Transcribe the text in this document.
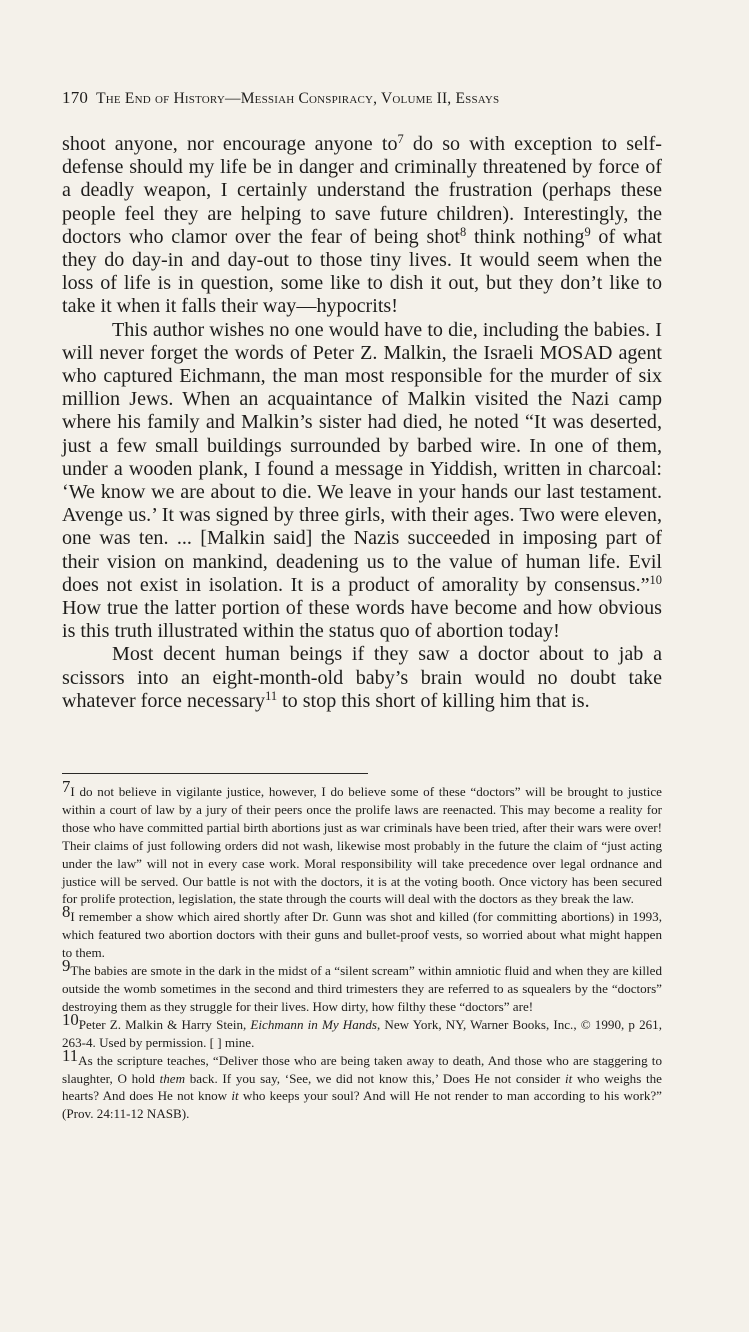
170 The End of History—Messiah Conspiracy, Volume II, Essays

shoot anyone, nor encourage anyone $to^7$ do so with exception to self-defense should my life be in danger and criminally threatened by force of a deadly weapon, I certainly understand the frustration (perhaps these people feel they are helping to save future children). Interestingly, the doctors who clamor over the fear of being shot$^8$ think nothing$^9$ of what they do day-in and day-out to those tiny lives. It would seem when the loss of life is in question, some like to dish it out, but they don’t like to take it when it falls their way—hypocrits!

This author wishes no one would have to die, including the babies. I will never forget the words of Peter Z. Malkin, the Israeli MOSAD agent who captured Eichmann, the man most responsible for the murder of six million Jews. When an acquaintance of Malkin visited the Nazi camp where his family and Malkin’s sister had died, he noted “It was deserted, just a few small buildings surrounded by barbed wire. In one of them, under a wooden plank, I found a message in Yiddish, written in charcoal: ‘We know we are about to die. We leave in your hands our last testament. Avenge us.’ It was signed by three girls, with their ages. Two were eleven, one was ten. ... [Malkin said] the Nazis succeeded in imposing part of their vision on mankind, deadening us to the value of human life. Evil does not exist in isolation. It is a product of amorality by consensus.”$^{10}$ How true the latter portion of these words have become and how obvious is this truth illustrated within the status quo of abortion today!

Most decent human beings if they saw a doctor about to jab a scissors into an eight-month-old baby’s brain would no doubt take whatever force necessary$^{11}$ to stop this short of killing him that is.

7I do not believe in vigilante justice, however, I do believe some of these “doctors” will be brought to justice within a court of law by a jury of their peers once the prolife laws are reenacted. This may become a reality for those who have committed partial birth abortions just as war criminals have been tried, after their wars were over! Their claims of just following orders did not wash, likewise most probably in the future the claim of “just acting under the law” will not in every case work. Moral responsibility will take precedence over legal ordnance and justice will be served. Our battle is not with the doctors, it is at the voting booth. Once victory has been secured for prolife protection, legislation, the state through the courts will deal with the doctors as they break the law.

8I remember a show which aired shortly after Dr. Gunn was shot and killed (for committing abortions) in 1993, which featured two abortion doctors with their guns and bullet-proof vests, so worried about what might happen to them.

9The babies are smote in the dark in the midst of a “silent scream” within amniotic fluid and when they are killed outside the womb sometimes in the second and third trimesters they are referred to as squealers by the “doctors” destroying them as they struggle for their lives. How dirty, how filthy these “doctors” are!

10Peter Z. Malkin & Harry Stein, Eichmann in My Hands, New York, NY, Warner Books, Inc., © 1990, p 261, 263-4. Used by permission. [ ] mine.

11As the scripture teaches, “Deliver those who are being taken away to death, And those who are staggering to slaughter, O hold them back. If you say, ‘See, we did not know this,’ Does He not consider it who weighs the hearts? And does He not know it who keeps your soul? And will He not render to man according to his work?” (Prov. 24:11-12 NASB).
